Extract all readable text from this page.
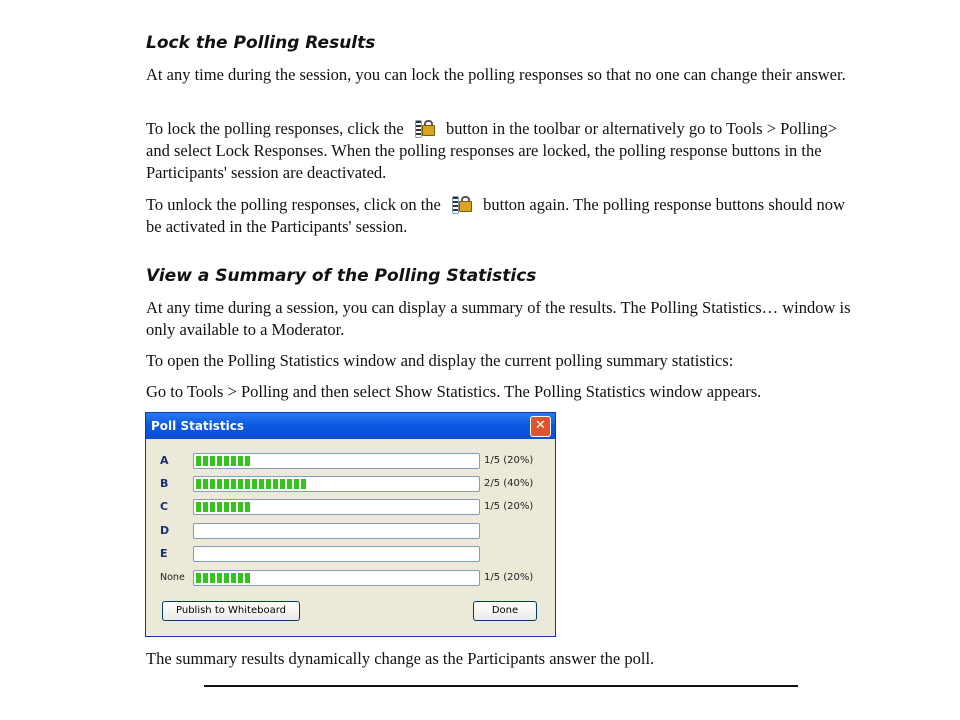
Lock the Polling Results
At any time during the session, you can lock the polling responses so that no one can change their answer.
To lock the polling responses, click the	button in the toolbar or alternatively go to Tools > Polling> and select Lock Responses. When the polling responses are locked, the polling response buttons in the Participants' session are deactivated.
To unlock the polling responses, click on the	button again. The polling response buttons should now be activated in the Participants' session.
View a Summary of the Polling Statistics
At any time during a session, you can display a summary of the results. The Polling Statistics… window is only available to a Moderator.
To open the Polling Statistics window and display the current polling summary statistics:
Go to Tools > Polling and then select Show Statistics. The Polling Statistics window appears.
The summary results dynamically change as the Participants answer the poll.
Poll Statistics	✕
A	1/5 (20%)
B	2/5 (40%)
C	1/5 (20%)
D
E
None	1/5 (20%)
Publish to Whiteboard	Done
